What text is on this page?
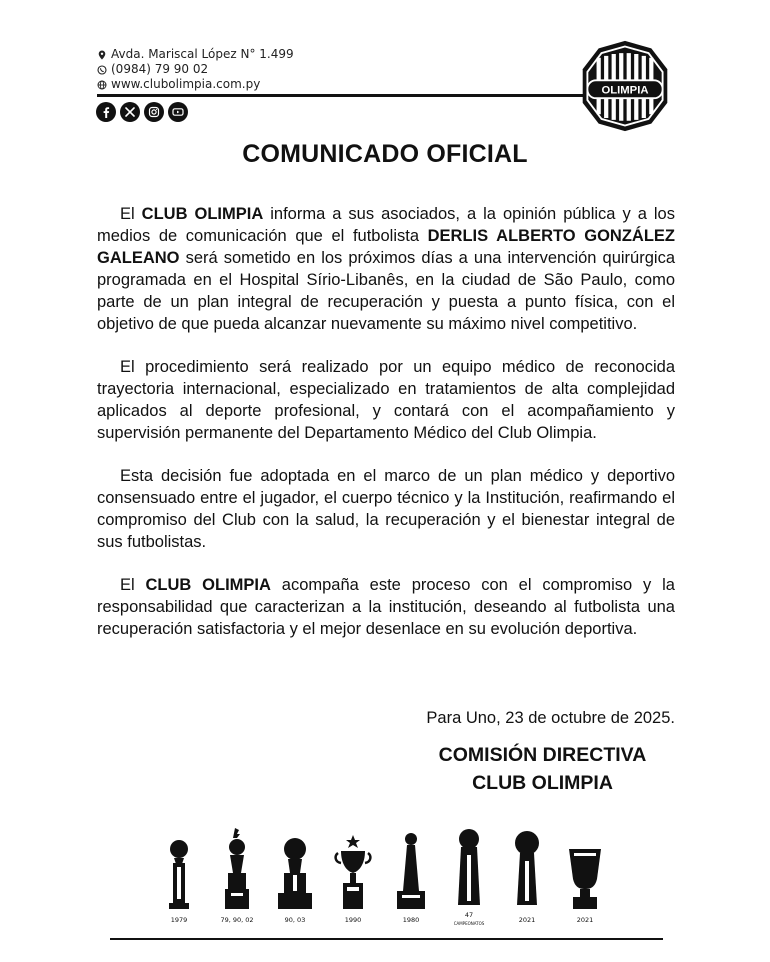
Avda. Mariscal López N° 1.499
(0984) 79 90 02
www.clubolimpia.com.py	OLIMPIA
COMUNICADO OFICIAL

El CLUB OLIMPIA informa a sus asociados, a la opinión pública y a los medios de comunicación que el futbolista DERLIS ALBERTO GONZÁLEZ GALEANO será sometido en los próximos días a una intervención quirúrgica programada en el Hospital Sírio-Libanês, en la ciudad de São Paulo, como parte de un plan integral de recuperación y puesta a punto física, con el objetivo de que pueda alcanzar nuevamente su máximo nivel competitivo.

El procedimiento será realizado por un equipo médico de reconocida trayectoria internacional, especializado en tratamientos de alta complejidad aplicados al deporte profesional, y contará con el acompañamiento y supervisión permanente del Departamento Médico del Club Olimpia.

Esta decisión fue adoptada en el marco de un plan médico y deportivo consensuado entre el jugador, el cuerpo técnico y la Institución, reafirmando el compromiso del Club con la salud, la recuperación y el bienestar integral de sus futbolistas.

El CLUB OLIMPIA acompaña este proceso con el compromiso y la responsabilidad que caracterizan a la institución, deseando al futbolista una recuperación satisfactoria y el mejor desenlace en su evolución deportiva.

Para Uno, 23 de octubre de 2025.
COMISIÓN DIRECTIVA
CLUB OLIMPIA
1979	79, 90, 02	90, 03	1990	1980
47
CAMPEONATOS	2021	2021
